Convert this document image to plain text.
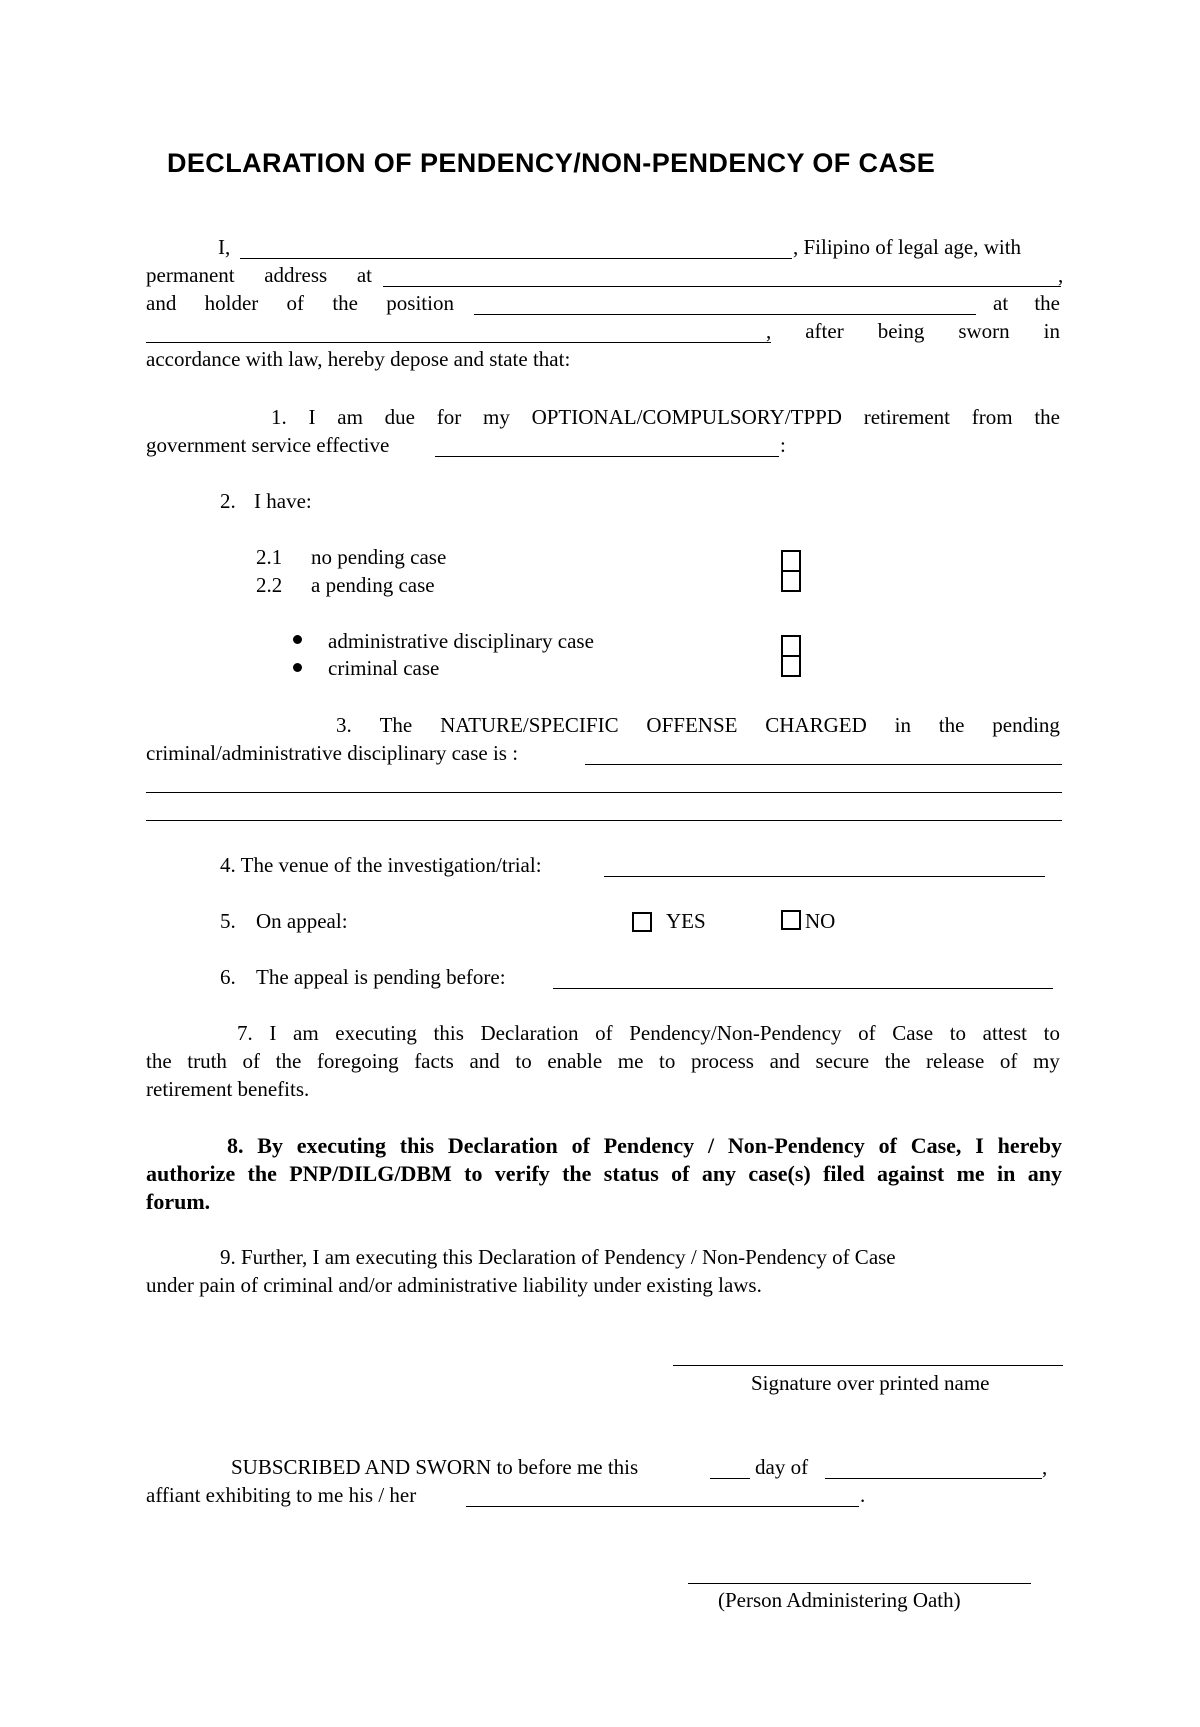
DECLARATION OF PENDENCY/NON-PENDENCY OF CASE
I,	, Filipino of legal age, with
permanent address at	,
and holder of the position	at the
, after being sworn in
accordance with law, hereby depose and state that:
1. I am due for my OPTIONAL/COMPULSORY/TPPD retirement from the
government service effective	:
2. I have:
2.1 no pending case
2.2 a pending case
administrative disciplinary case
criminal case
3. The NATURE/SPECIFIC OFFENSE CHARGED in the pending
criminal/administrative disciplinary case is :
4. The venue of the investigation/trial:
5. On appeal:	YES	NO
6. The appeal is pending before:
7. I am executing this Declaration of Pendency/Non-Pendency of Case to attest to
the truth of the foregoing facts and to enable me to process and secure the release of my
retirement benefits.
8. By executing this Declaration of Pendency / Non-Pendency of Case, I hereby
authorize the PNP/DILG/DBM to verify the status of any case(s) filed against me in any
forum.
9. Further, I am executing this Declaration of Pendency / Non-Pendency of Case
under pain of criminal and/or administrative liability under existing laws.
Signature over printed name
SUBSCRIBED AND SWORN to before me this	day of	,
affiant exhibiting to me his / her	.
(Person Administering Oath)
